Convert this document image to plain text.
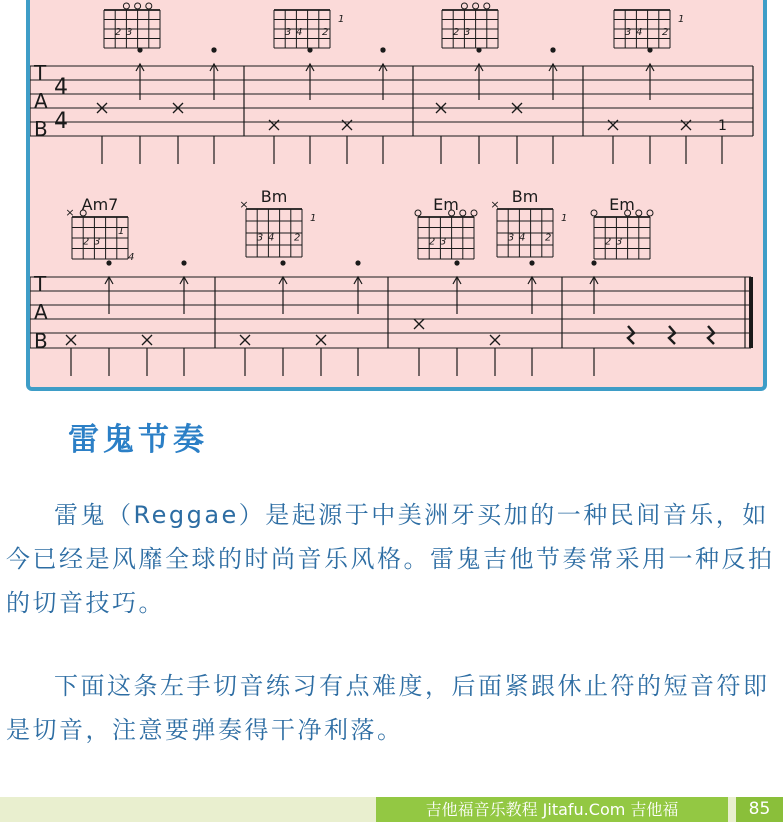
T
A
B
4
4
2 3	3 4
1
2	2 3	3 4
1
2
1
T
A
B
Am7
2 3
×
1
4
Bm
3 4
×
1
2
Em
2 3
Bm
3 4
×
1
2
Em
2 3
雷鬼节奏

雷鬼（Reggae）是起源于中美洲牙买加的一种民间音乐，如今已经是风靡全球的时尚音乐风格。雷鬼吉他节奏常采用一种反拍的切音技巧。

下面这条左手切音练习有点难度，后面紧跟休止符的短音符即是切音，注意要弹奏得干净利落。

吉他福音乐教程 Jitafu.Com 吉他福	85
